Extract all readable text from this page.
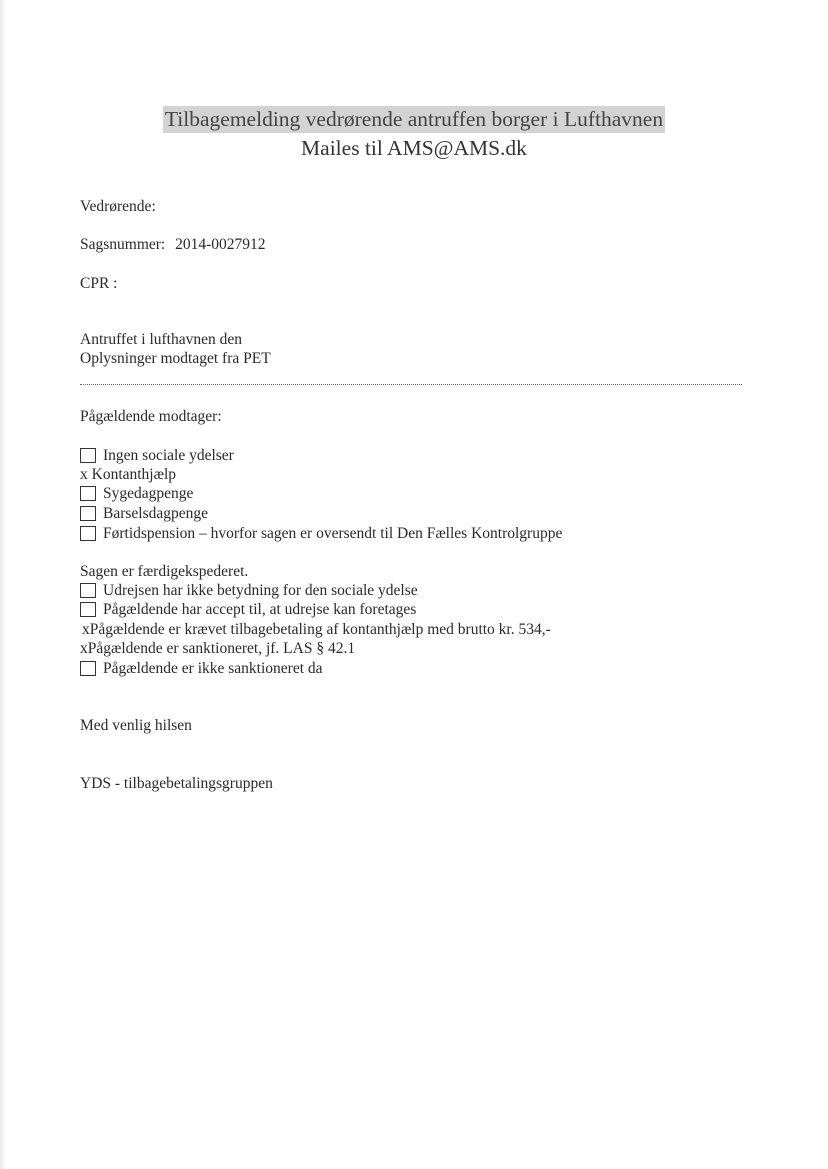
Tilbagemelding vedrørende antruffen borger i Lufthavnen
Mailes til AMS@AMS.dk
Vedrørende:
Sagsnummer: 2014-0027912
CPR :
Antruffet i lufthavnen den
Oplysninger modtaget fra PET
Pågældende modtager:
Ingen sociale ydelser
x Kontanthjælp
Sygedagpenge
Barselsdagpenge
Førtidspension – hvorfor sagen er oversendt til Den Fælles Kontrolgruppe
Sagen er færdigekspederet.
Udrejsen har ikke betydning for den sociale ydelse
Pågældende har accept til, at udrejse kan foretages
xPågældende er krævet tilbagebetaling af kontanthjælp med brutto kr. 534,-
xPågældende er sanktioneret, jf. LAS § 42.1
Pågældende er ikke sanktioneret da
Med venlig hilsen
YDS - tilbagebetalingsgruppen
